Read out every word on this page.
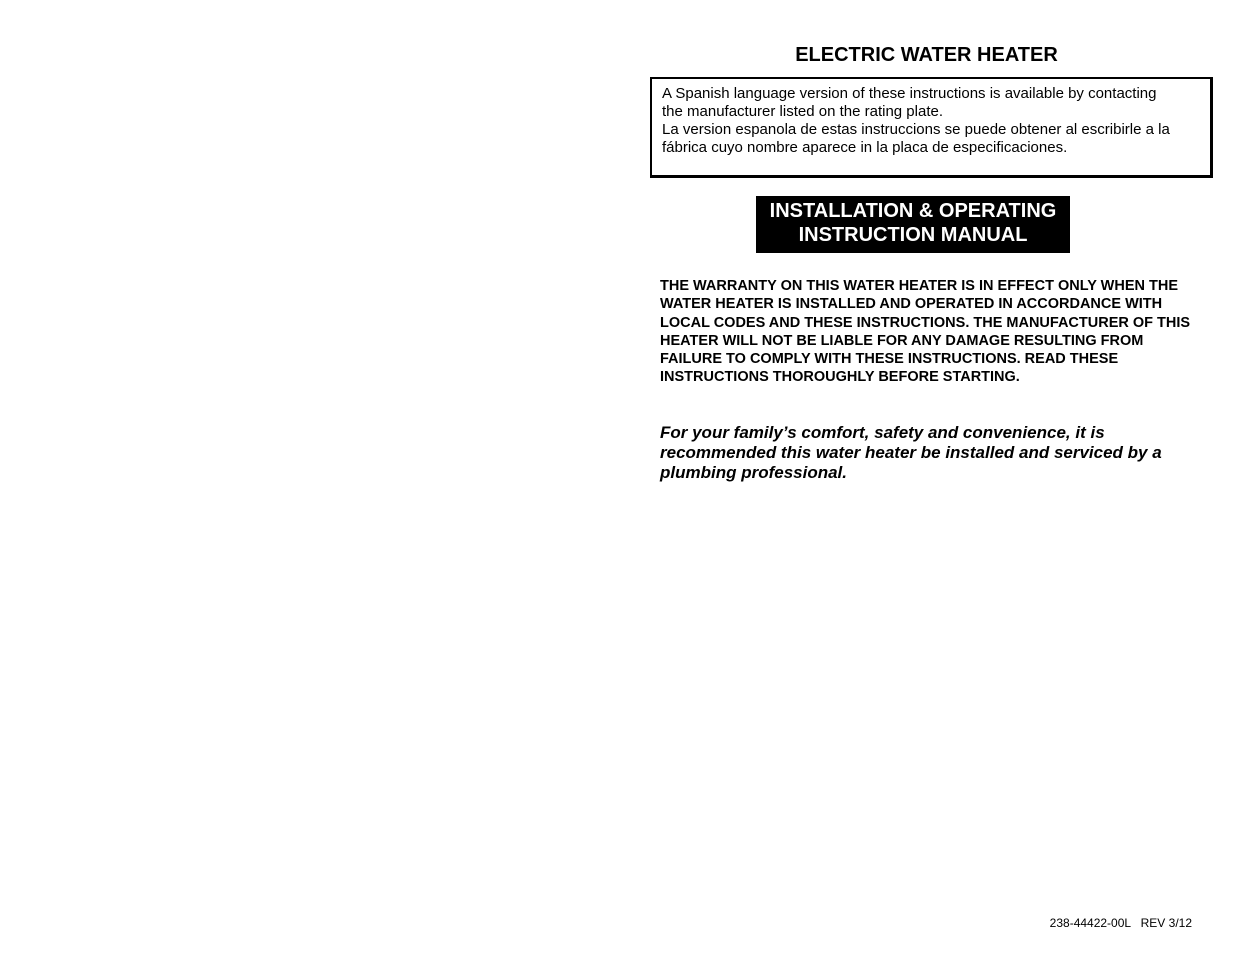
ELECTRIC WATER HEATER

A Spanish language version of these instructions is available by contacting

the manufacturer listed on the rating plate.

La version espanola de estas instruccions se puede obtener al escribirle a la

fábrica cuyo nombre aparece in la placa de especificaciones.

INSTALLATION & OPERATING
INSTRUCTION MANUAL

THE WARRANTY ON THIS WATER HEATER IS IN EFFECT ONLY WHEN THE WATER HEATER IS INSTALLED AND OPERATED IN ACCORDANCE WITH LOCAL CODES AND THESE INSTRUCTIONS. THE MANUFACTURER OF THIS HEATER WILL NOT BE LIABLE FOR ANY DAMAGE RESULTING FROM FAILURE TO COMPLY WITH THESE INSTRUCTIONS. READ THESE INSTRUCTIONS THOROUGHLY BEFORE STARTING.

For your family’s comfort, safety and convenience, it is recommended this water heater be installed and serviced by a plumbing professional.

238-44422-00L   REV 3/12
